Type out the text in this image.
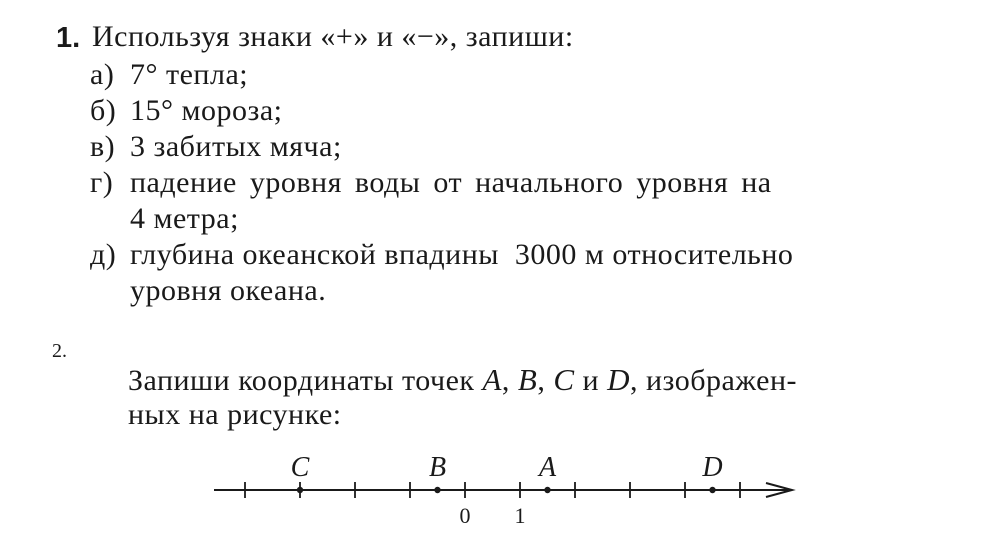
1. Используя знаки «+» и «−», запиши:
а) 7° тепла;
б) 15° мороза;
в) 3 забитых мяча;
г) падение уровня воды от начального уровня на
4 метра;
д) глубина океанской впадины  3000 м относительно
уровня океана.
2.
Запиши координаты точек A, B, C и D, изображен-
ных на рисунке:
0 1
C	B	A	D
